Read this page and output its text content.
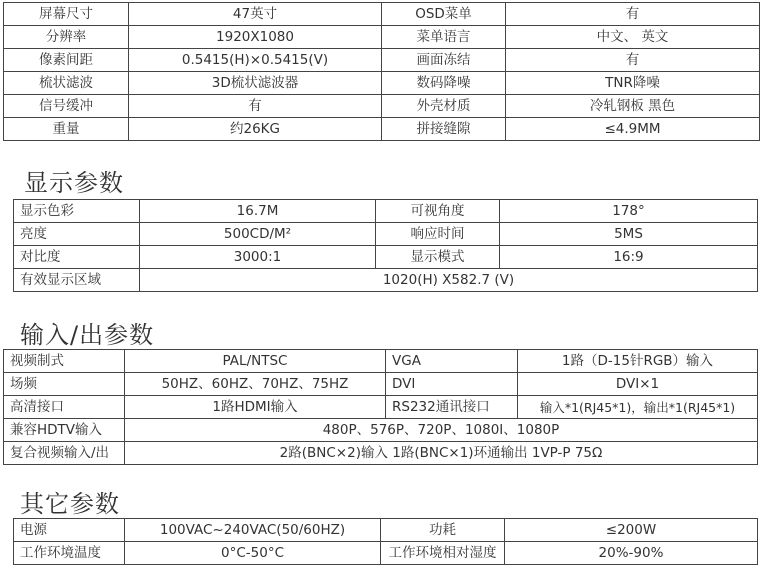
屏幕尺寸	47英寸	OSD菜单	有
分辨率	1920X1080	菜单语言	中文、 英文
像素间距	0.5415(H)×0.5415(V)	画面冻结	有
梳状滤波	3D梳状滤波器	数码降噪	TNR降噪
信号缓冲	有	外壳材质	冷轧钢板 黑色
重量	约26KG	拼接缝隙	≤4.9MM
显示参数
显示色彩	16.7M	可视角度	178°
亮度	500CD/M²	响应时间	5MS
对比度	3000:1	显示模式	16:9
有效显示区域	1020(H) X582.7 (V)		
输入/出参数
视频制式	PAL/NTSC	VGA	1路（D-15针RGB）输入
场频	50HZ、60HZ、70HZ、75HZ	DVI	DVI×1
高清接口	1路HDMI输入	RS232通讯接口	输入*1(RJ45*1)，输出*1(RJ45*1)
兼容HDTV输入	480P、576P、720P、1080I、1080P		
复合视频输入/出	2路(BNC×2)输入 1路(BNC×1)环通输出 1VP-P 75Ω		
其它参数
电源	100VAC~240VAC(50/60HZ)	功耗	≤200W
工作环境温度	0°C-50°C	工作环境相对湿度	20%-90%
